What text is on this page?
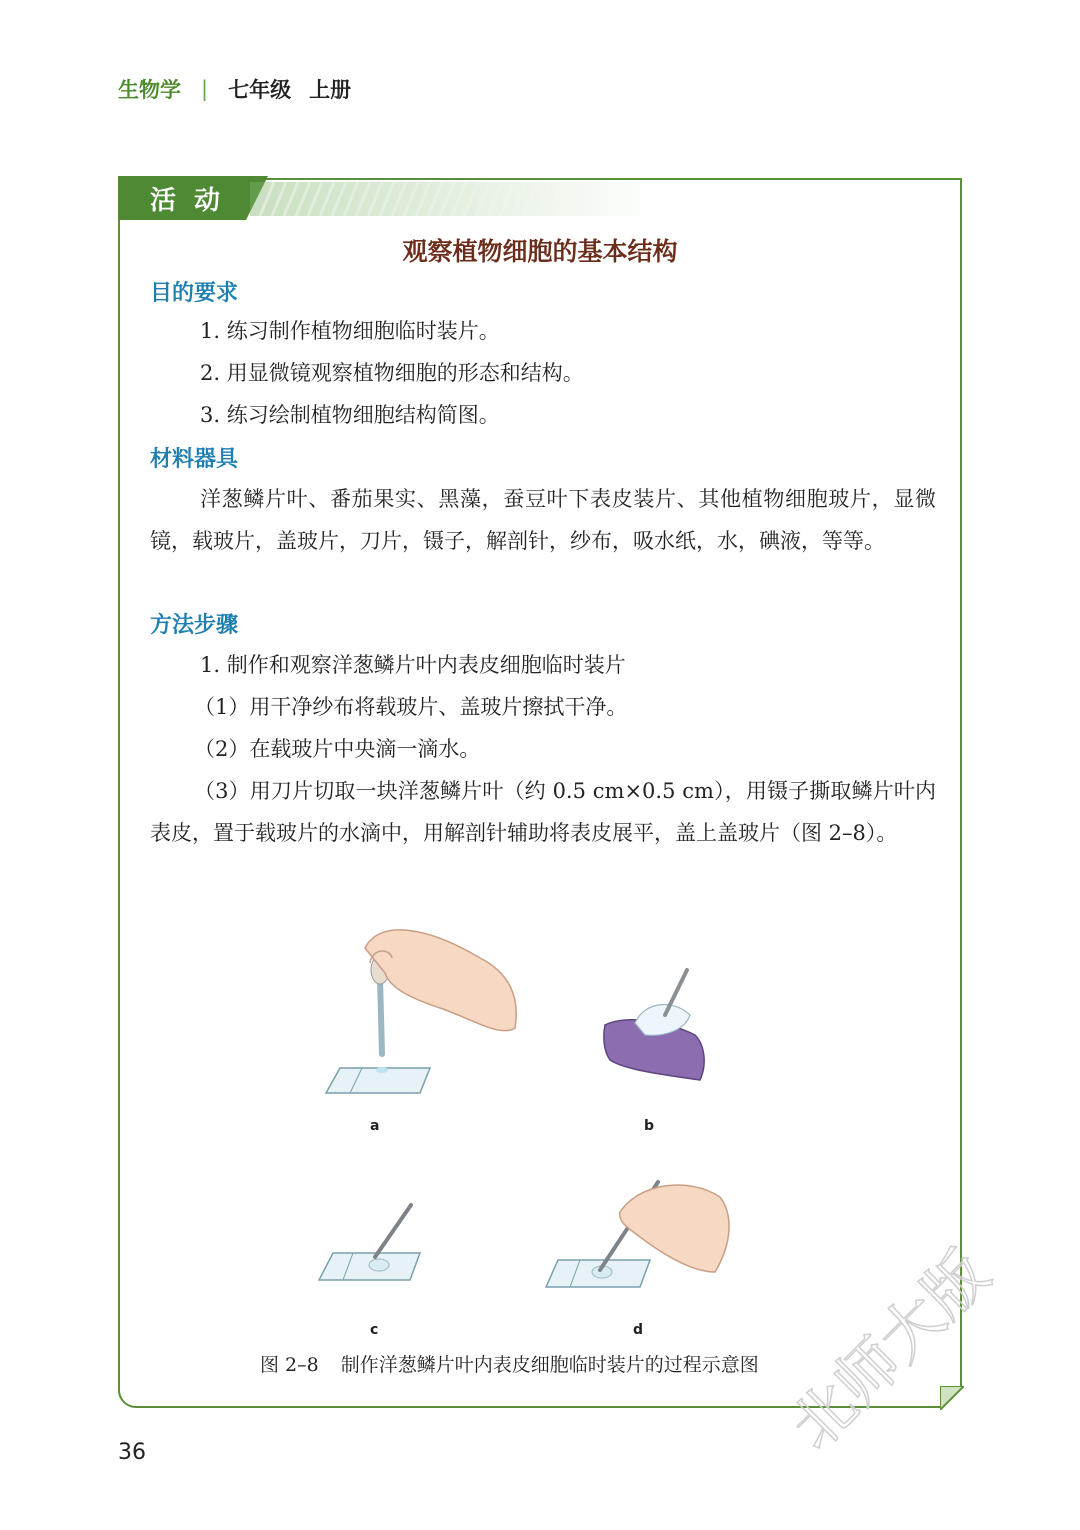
生物学 | 七年级 上册
活动
观察植物细胞的基本结构
目的要求
1. 练习制作植物细胞临时装片。
2. 用显微镜观察植物细胞的形态和结构。
3. 练习绘制植物细胞结构简图。
材料器具
洋葱鳞片叶、番茄果实、黑藻，蚕豆叶下表皮装片、其他植物细胞玻片，显微镜，载玻片，盖玻片，刀片，镊子，解剖针，纱布，吸水纸，水，碘液，等等。
方法步骤
1. 制作和观察洋葱鳞片叶内表皮细胞临时装片
（1）用干净纱布将载玻片、盖玻片擦拭干净。
（2）在载玻片中央滴一滴水。
（3）用刀片切取一块洋葱鳞片叶（约 0.5 cm×0.5 cm），用镊子撕取鳞片叶内表皮，置于载玻片的水滴中，用解剖针辅助将表皮展平，盖上盖玻片（图 2–8）。
a	b
c	d
图 2–8 制作洋葱鳞片叶内表皮细胞临时装片的过程示意图
36	北师大版
